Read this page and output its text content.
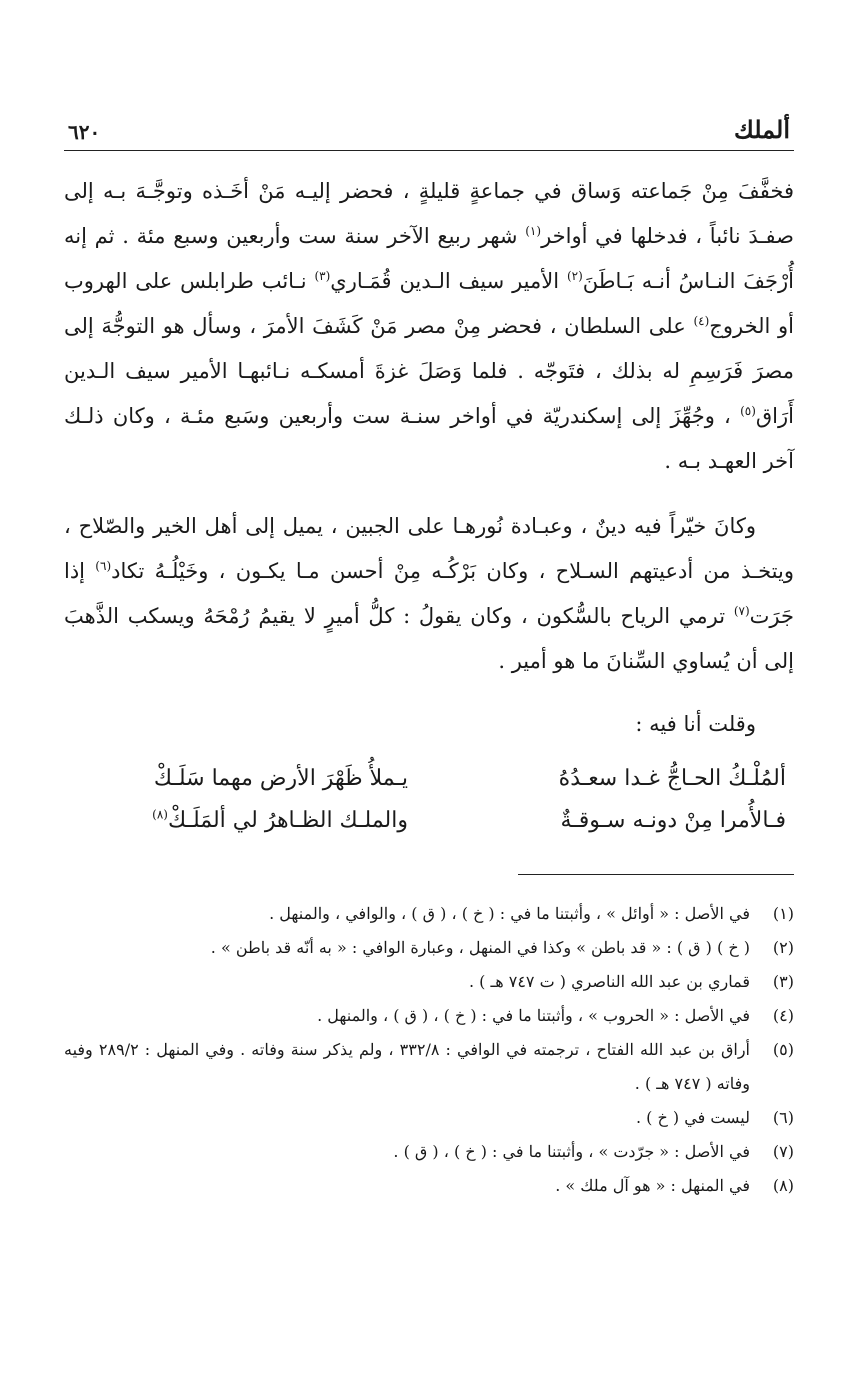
ألملك
٦٢٠

فخفَّفَ مِنْ جَماعته وَساق في جماعةٍ قليلةٍ ، فحضر إليـه مَنْ أخَـذه وتوجَّـهَ بـه إلى صفـدَ نائباً ، فدخلها في أواخر$^{(١)}$ شهر ربيع الآخر سنة ست وأربعين وسبع مئة . ثم إنه أُرْجَفَ النـاسُ أنـه بَـاطَنَ$^{(٢)}$ الأمير سيف الـدين قُمَـاري$^{(٣)}$ نـائب طرابلس على الهروب أو الخروج$^{(٤)}$ على السلطان ، فحضر مِنْ مصر مَنْ كَشَفَ الأمرَ ، وسأل هو التوجُّهَ إلى مصرَ فَرَسِمِ له بذلك ، فتَوجّه . فلما وَصَلَ غزةَ أمسكـه نـائبهـا الأمير سيف الـدين أَرَاق$^{(٥)}$ ، وجُهِّزَ إلى إسكندريّة في أواخر سنـة ست وأربعين وسَبع مئـة ، وكان ذلـك آخر العهـد بـه .

وكانَ خيّراً فيه دينٌ ، وعبـادة نُورهـا على الجبين ، يميل إلى أهل الخير والصّلاح ، ويتخـذ من أدعيتهم السـلاح ، وكان بَرْكُـه مِنْ أحسن مـا يكـون ، وخَيْلُـهُ تكاد$^{(٦)}$ إذا جَرَت$^{(٧)}$ ترمي الرياح بالسُّكون ، وكان يقولُ : كلُّ أميرٍ لا يقيمُ رُمْحَهُ ويسكب الذَّهبَ إلى أن يُساوي السِّنانَ ما هو أمير .

وقلت أنا فيه :
ألمُلْـكُ الحـاجُّ غـدا سعـدُهُ
يـملأُ ظَهْرَ الأرض مهما سَلَـكْ
فـالأُمرا مِنْ دونـه سـوقـةٌ
والملـك الظـاهرُ لي ألمَلَـكْ$^{(٨)}$
(١)
في الأصل : « أوائل » ، وأثبتنا ما في : ( خ ) ، ( ق ) ، والوافي ، والمنهل .
(٢)
( خ ) ( ق ) : « قد باطن » وكذا في المنهل ، وعبارة الوافي : « به أنّه قد باطن » .
(٣)
قماري بن عبد الله الناصري ( ت ٧٤٧ هـ ) .
(٤)
في الأصل : « الحروب » ، وأثبتنا ما في : ( خ ) ، ( ق ) ، والمنهل .
(٥)
أراق بن عبد الله الفتاح ، ترجمته في الوافي : ٣٣٢/٨ ، ولم يذكر سنة وفاته . وفي المنهل : ٢٨٩/٢ وفيه وفاته ( ٧٤٧ هـ ) .
(٦)
ليست في ( خ ) .
(٧)
في الأصل : « جرّدت » ، وأثبتنا ما في : ( خ ) ، ( ق ) .
(٨)
في المنهل : « هو آل ملك » .
